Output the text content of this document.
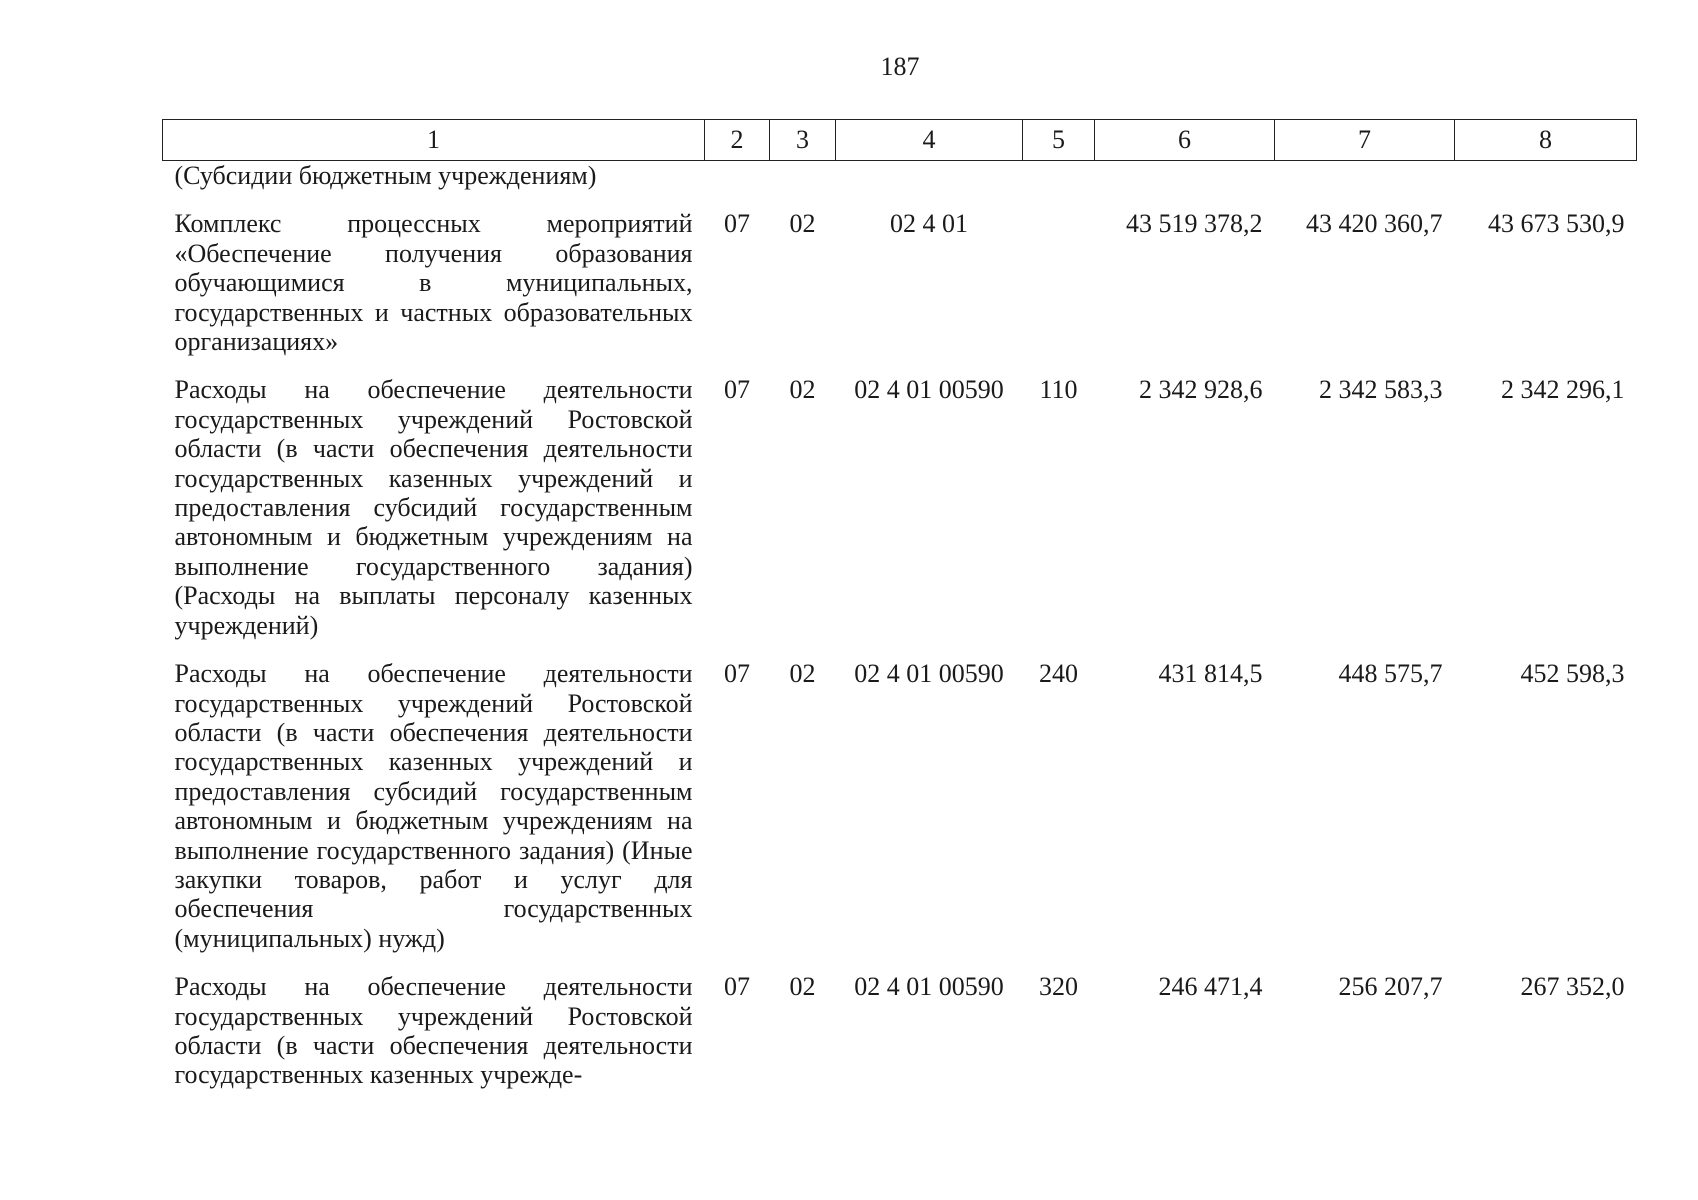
187
1	2	3	4	5	6	7	8
(Субсидии бюджетным учреждениям)							
Комплекс процессных мероприятий «Обеспечение получения образования обучающимися в муниципальных, государственных и частных образовательных организациях»	07	02	02 4 01		43 519 378,2	43 420 360,7	43 673 530,9
Расходы на обеспечение деятельности государственных учреждений Ростовской области (в части обеспечения деятельности государственных казенных учреждений и предоставления субсидий государственным автономным и бюджетным учреждениям на выполнение государственного задания) (Расходы на выплаты персоналу казенных учреждений)	07	02	02 4 01 00590	110	2 342 928,6	2 342 583,3	2 342 296,1
Расходы на обеспечение деятельности государственных учреждений Ростовской области (в части обеспечения деятельности государственных казенных учреждений и предоставления субсидий государственным автономным и бюджетным учреждениям на выполнение государственного задания) (Иные закупки товаров, работ и услуг для обеспечения государственных (муниципальных) нужд)	07	02	02 4 01 00590	240	431 814,5	448 575,7	452 598,3
Расходы на обеспечение деятельности государственных учреждений Ростовской области (в части обеспечения деятельности государственных казенных учрежде-	07	02	02 4 01 00590	320	246 471,4	256 207,7	267 352,0
